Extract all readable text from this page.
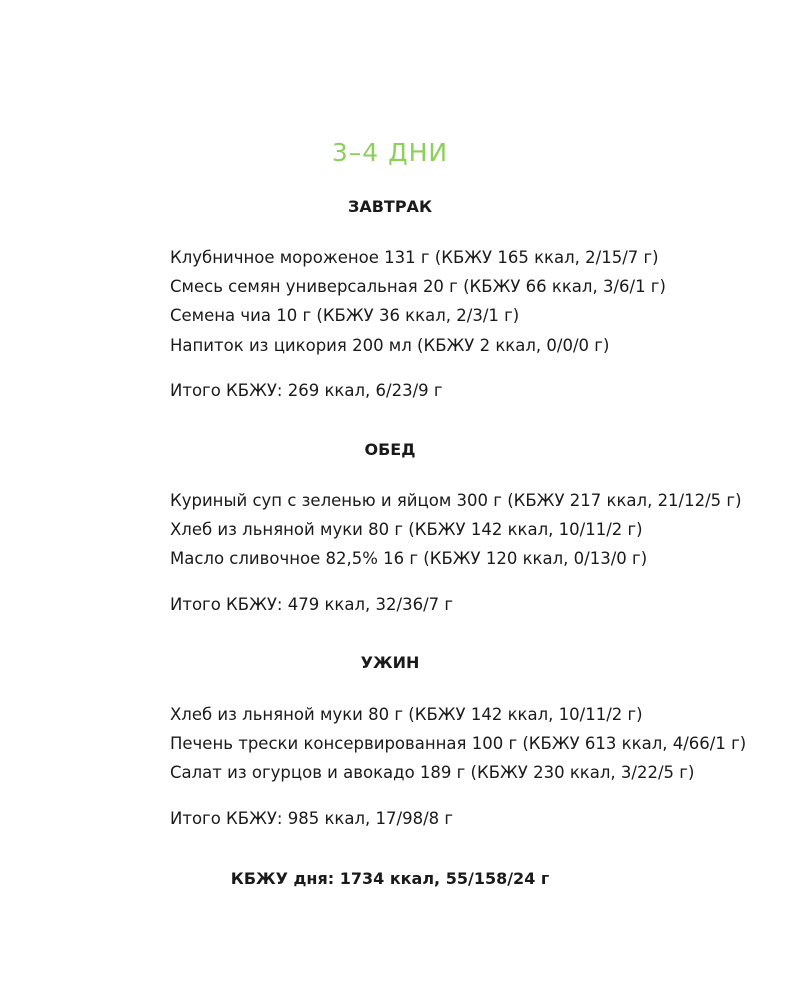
3–4 ДНИ
ЗАВТРАК
Клубничное мороженое 131 г (КБЖУ 165 ккал, 2/15/7 г)
Смесь семян универсальная 20 г (КБЖУ 66 ккал, 3/6/1 г)
Семена чиа 10 г (КБЖУ 36 ккал, 2/3/1 г)
Напиток из цикория 200 мл (КБЖУ 2 ккал, 0/0/0 г)
Итого КБЖУ: 269 ккал, 6/23/9 г
ОБЕД
Куриный суп с зеленью и яйцом 300 г (КБЖУ 217 ккал, 21/12/5 г)
Хлеб из льняной муки 80 г (КБЖУ 142 ккал, 10/11/2 г)
Масло сливочное 82,5% 16 г (КБЖУ 120 ккал, 0/13/0 г)
Итого КБЖУ: 479 ккал, 32/36/7 г
УЖИН
Хлеб из льняной муки 80 г (КБЖУ 142 ккал, 10/11/2 г)
Печень трески консервированная 100 г (КБЖУ 613 ккал, 4/66/1 г)
Салат из огурцов и авокадо 189 г (КБЖУ 230 ккал, 3/22/5 г)
Итого КБЖУ: 985 ккал, 17/98/8 г
КБЖУ дня: 1734 ккал, 55/158/24 г
